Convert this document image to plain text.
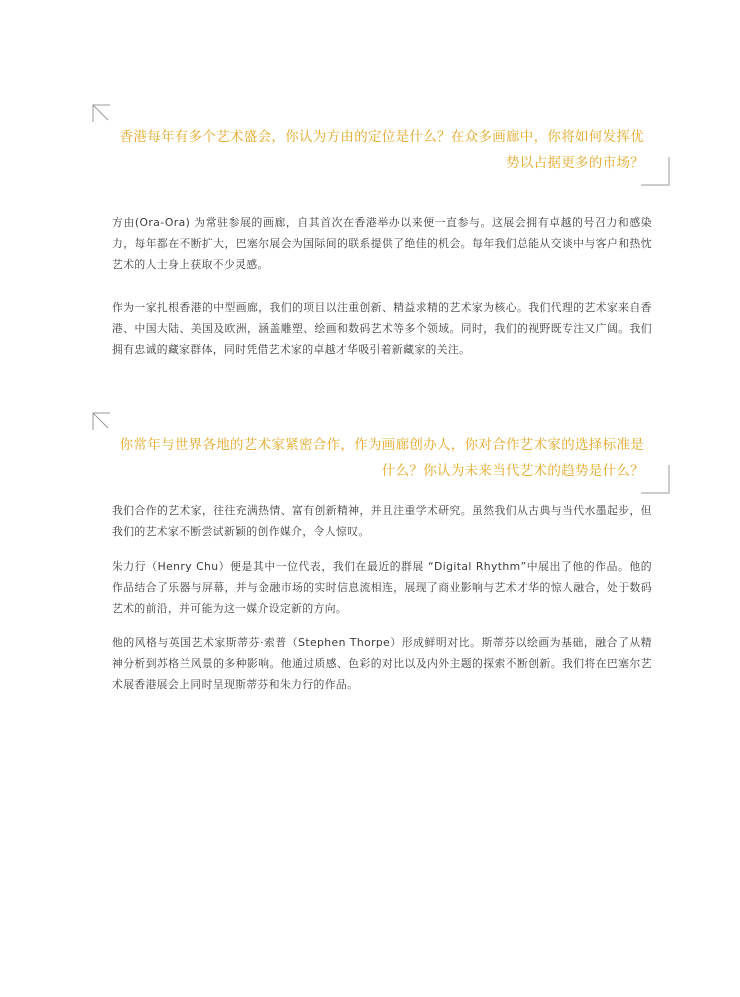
香港每年有多个艺术盛会，你认为方由的定位是什么？在众多画廊中，你将如何发挥优势以占据更多的市场？

方由(Ora-Ora) 为常驻参展的画廊，自其首次在香港举办以来便一直参与。这展会拥有卓越的号召力和感染力，每年都在不断扩大，巴塞尔展会为国际间的联系提供了绝佳的机会。每年我们总能从交谈中与客户和热忱艺术的人士身上获取不少灵感。

作为一家扎根香港的中型画廊，我们的项目以注重创新、精益求精的艺术家为核心。我们代理的艺术家来自香港、中国大陆、美国及欧洲，涵盖雕塑、绘画和数码艺术等多个领域。同时，我们的视野既专注又广阔。我们拥有忠诚的藏家群体，同时凭借艺术家的卓越才华吸引着新藏家的关注。

你常年与世界各地的艺术家紧密合作，作为画廊创办人，你对合作艺术家的选择标准是什么？你认为未来当代艺术的趋势是什么？

我们合作的艺术家，往往充满热情、富有创新精神，并且注重学术研究。虽然我们从古典与当代水墨起步，但我们的艺术家不断尝试新颖的创作媒介，令人惊叹。

朱力行（Henry Chu）便是其中一位代表，我们在最近的群展 “Digital Rhythm”中展出了他的作品。他的作品结合了乐器与屏幕，并与金融市场的实时信息流相连，展现了商业影响与艺术才华的惊人融合，处于数码艺术的前沿，并可能为这一媒介设定新的方向。

他的风格与英国艺术家斯蒂芬·索普（Stephen Thorpe）形成鲜明对比。斯蒂芬以绘画为基础，融合了从精神分析到苏格兰风景的多种影响。他通过质感、色彩的对比以及内外主题的探索不断创新。我们将在巴塞尔艺术展香港展会上同时呈现斯蒂芬和朱力行的作品。
